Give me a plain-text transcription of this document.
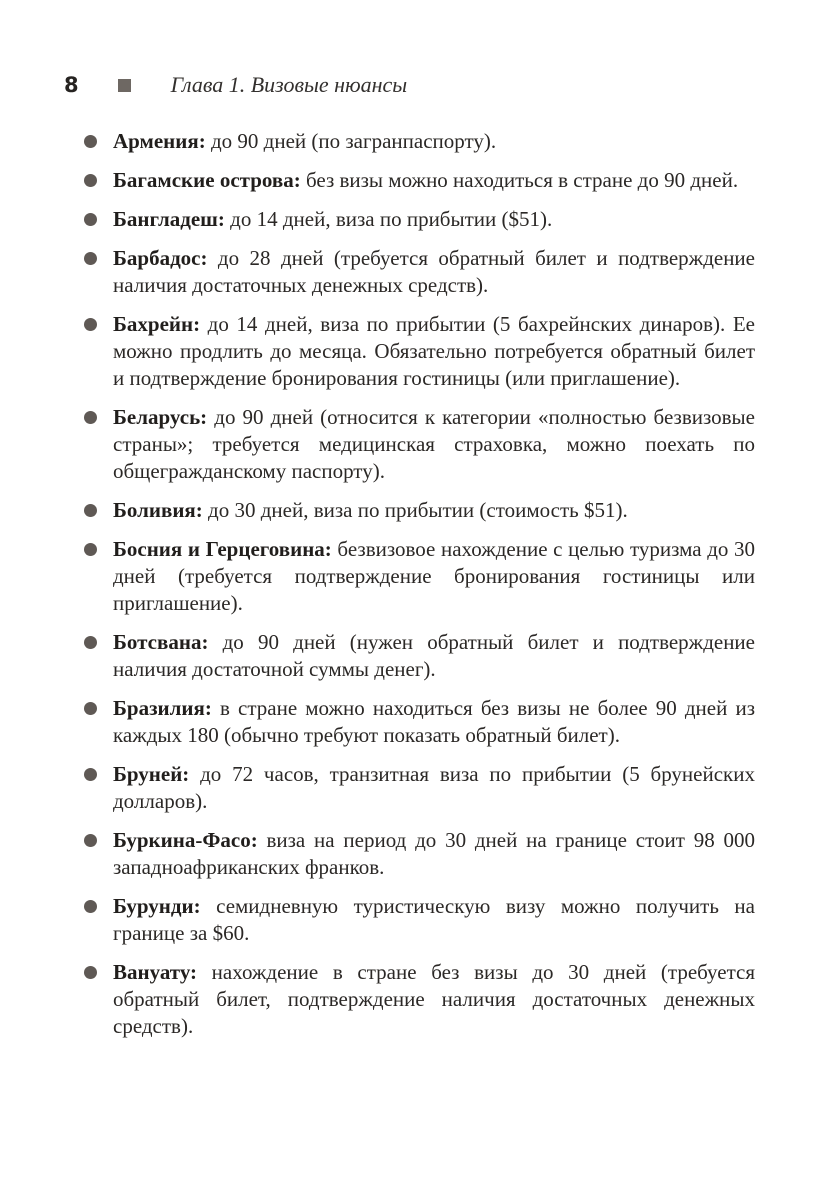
8	Глава 1. Визовые нюансы

Армения: до 90 дней (по загранпаспорту).

Багамские острова: без визы можно находиться в стране до 90 дней.

Бангладеш: до 14 дней, виза по прибытии ($51).

Барбадос: до 28 дней (требуется обратный билет и подтверждение наличия достаточных денежных средств).

Бахрейн: до 14 дней, виза по прибытии (5 бахрейнских динаров). Ее можно продлить до месяца. Обязательно потребуется обратный билет и подтверждение бронирования гостиницы (или приглашение).

Беларусь: до 90 дней (относится к категории «полностью безвизовые страны»; требуется медицинская страховка, можно поехать по общегражданскому паспорту).

Боливия: до 30 дней, виза по прибытии (стоимость $51).

Босния и Герцеговина: безвизовое нахождение с целью туризма до 30 дней (требуется подтверждение бронирования гостиницы или приглашение).

Ботсвана: до 90 дней (нужен обратный билет и подтверждение наличия достаточной суммы денег).

Бразилия: в стране можно находиться без визы не более 90 дней из каждых 180 (обычно требуют показать обратный билет).

Бруней: до 72 часов, транзитная виза по прибытии (5 брунейских долларов).

Буркина-Фасо: виза на период до 30 дней на границе стоит 98 000 западноафриканских франков.

Бурунди: семидневную туристическую визу можно получить на границе за $60.

Вануату: нахождение в стране без визы до 30 дней (требуется обратный билет, подтверждение наличия достаточных денежных средств).
